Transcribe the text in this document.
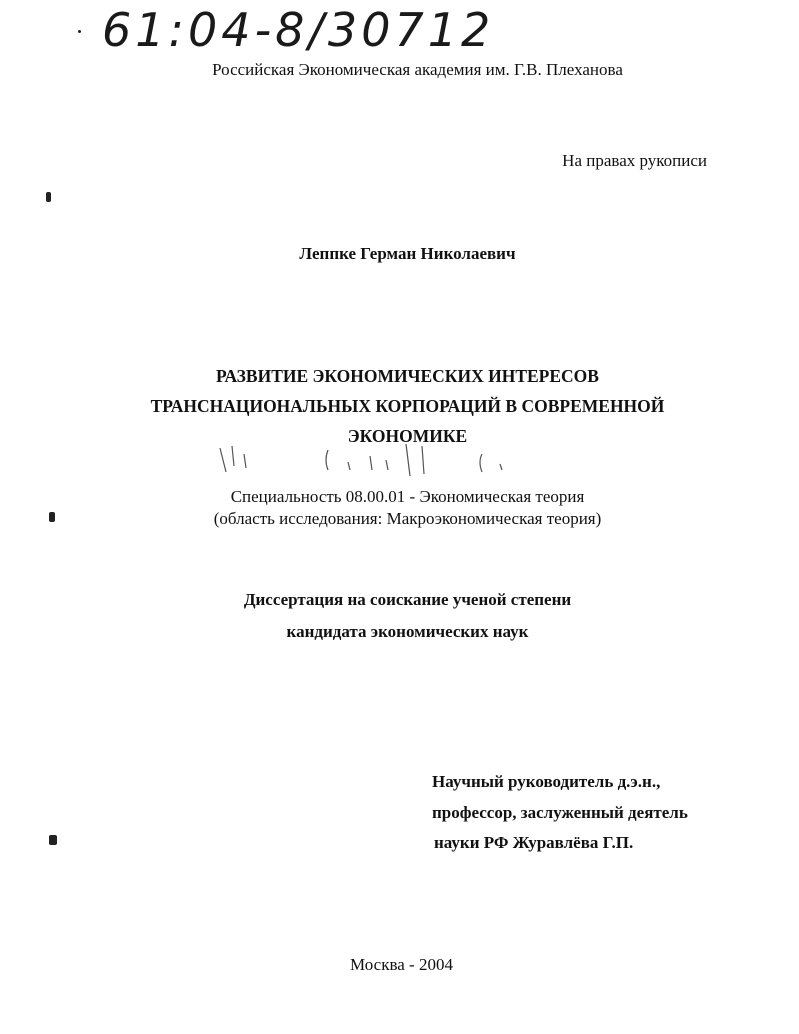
61:04-8/30712
Российская Экономическая академия им. Г.В. Плеханова
На правах рукописи
Леппке Герман Николаевич
РАЗВИТИЕ ЭКОНОМИЧЕСКИХ ИНТЕРЕСОВ
ТРАНСНАЦИОНАЛЬНЫХ КОРПОРАЦИЙ В СОВРЕМЕННОЙ
ЭКОНОМИКЕ
Специальность 08.00.01 - Экономическая теория
(область исследования: Макроэкономическая теория)
Диссертация на соискание ученой степени
кандидата экономических наук
Научный руководитель д.э.н.,
профессор, заслуженный деятель
науки РФ Журавлёва Г.П.
Москва - 2004
